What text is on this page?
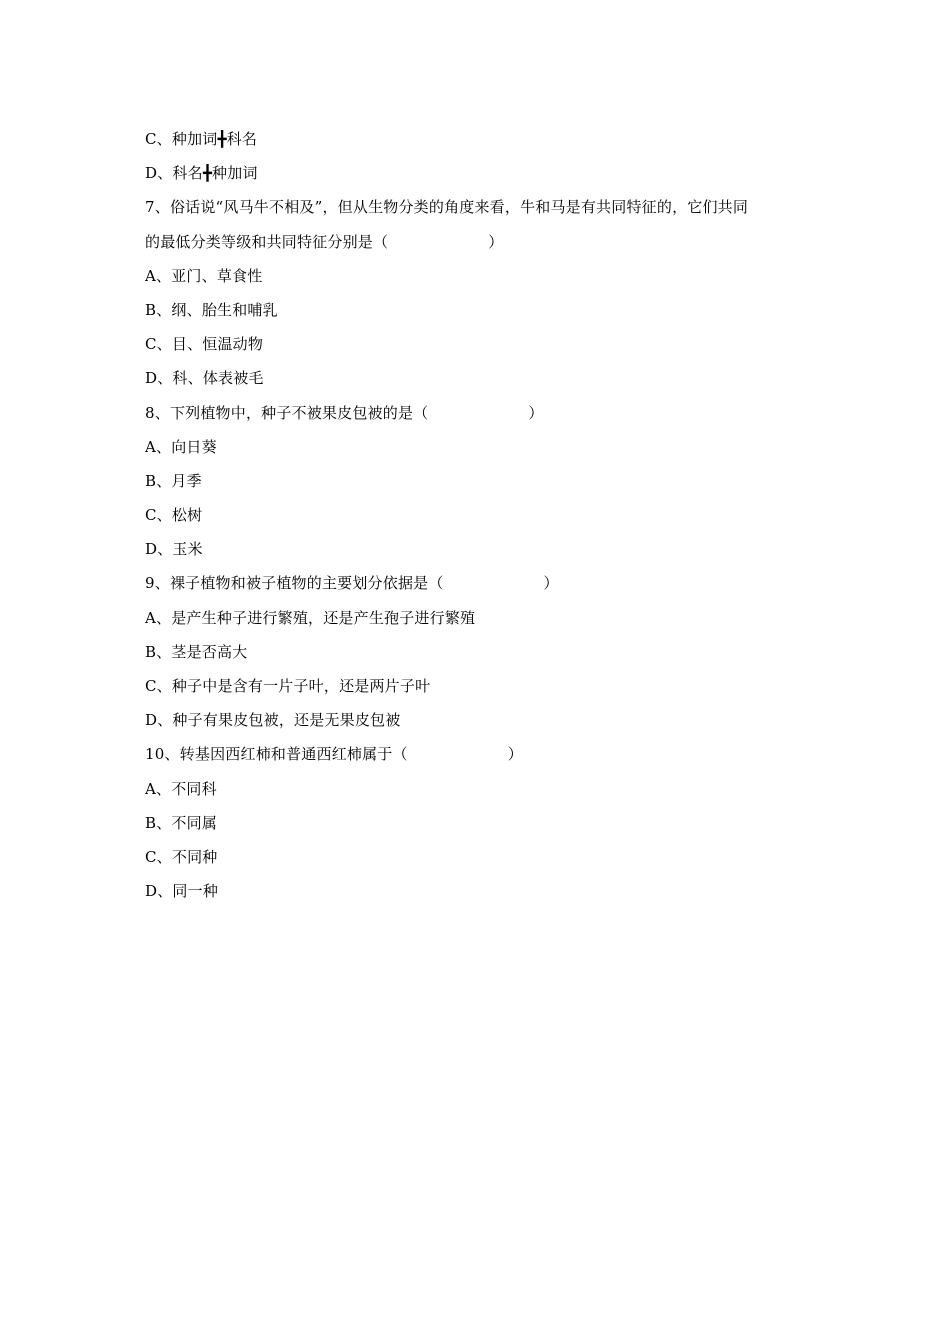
C、种加词╋科名
D、科名╋种加词
7、俗话说“风马牛不相及”，但从生物分类的角度来看，牛和马是有共同特征的，它们共同
的最低分类等级和共同特征分别是（	）
A、亚门、草食性
B、纲、胎生和哺乳
C、目、恒温动物
D、科、体表被毛
8、下列植物中，种子不被果皮包被的是（	）
A、向日葵
B、月季
C、松树
D、玉米
9、裸子植物和被子植物的主要划分依据是（	）
A、是产生种子进行繁殖，还是产生孢子进行繁殖
B、茎是否高大
C、种子中是含有一片子叶，还是两片子叶
D、种子有果皮包被，还是无果皮包被
10、转基因西红柿和普通西红柿属于（	）
A、不同科
B、不同属
C、不同种
D、同一种
